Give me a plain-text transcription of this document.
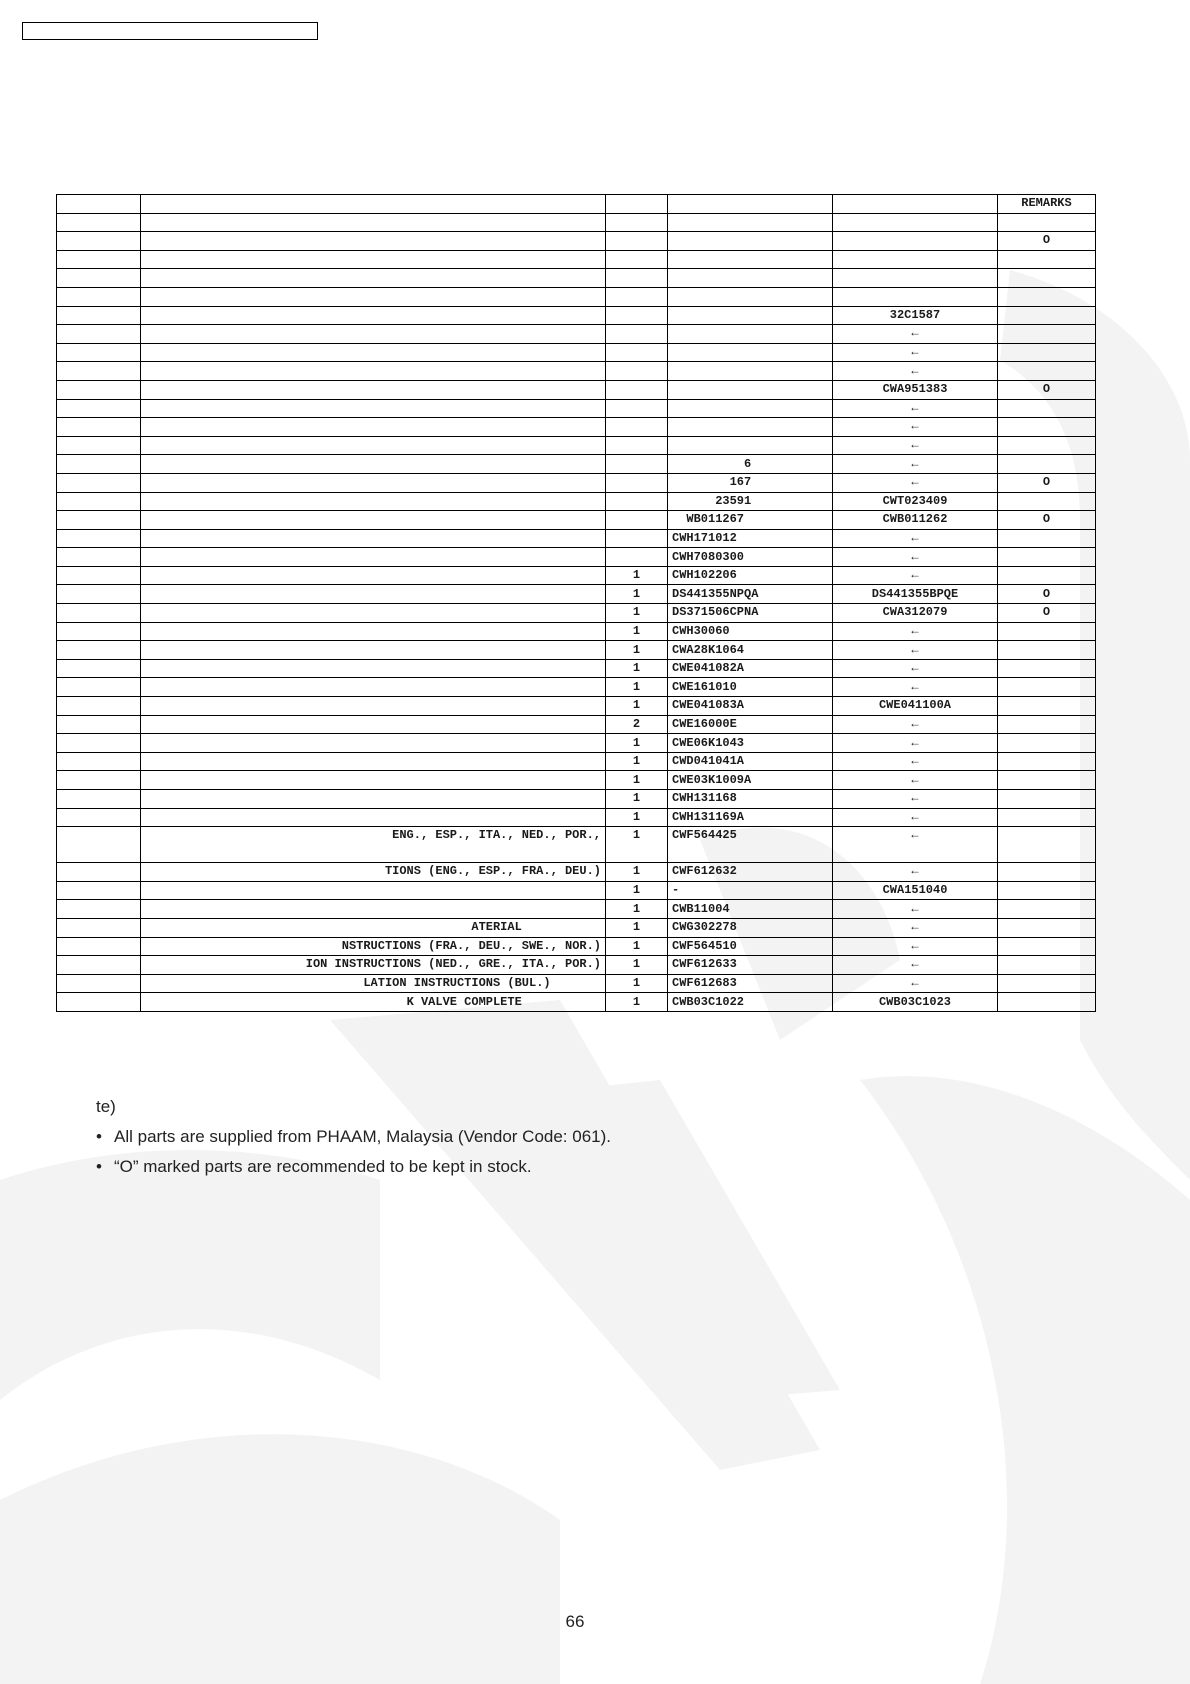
					REMARKS

					O

				32C1587	
				←	
				←	
				←	
				CWA951383	O
				←	
				←	
				←	
			6	←	
			167	←	O
			23591	CWT023409	
			WB011267	CWB011262	O
			CWH171012	←	
			CWH7080300	←	
		1	CWH102206	←	
		1	DS441355NPQA	DS441355BPQE	O
		1	DS371506CPNA	CWA312079	O
		1	CWH30060	←	
		1	CWA28K1064	←	
		1	CWE041082A	←	
		1	CWE161010	←	
		1	CWE041083A	CWE041100A	
		2	CWE16000E	←	
		1	CWE06K1043	←	
		1	CWD041041A	←	
		1	CWE03K1009A	←	
		1	CWH131168	←	
		1	CWH131169A	←	
	ENG., ESP., ITA., NED., POR.,	1	CWF564425	←	
	TIONS (ENG., ESP., FRA., DEU.)	1	CWF612632	←	
		1	-	CWA151040	
		1	CWB11004	←	
	ATERIAL	1	CWG302278	←	
	NSTRUCTIONS (FRA., DEU., SWE., NOR.)	1	CWF564510	←	
	ION INSTRUCTIONS (NED., GRE., ITA., POR.)	1	CWF612633	←	
	LATION INSTRUCTIONS (BUL.)	1	CWF612683	←	
	K VALVE COMPLETE	1	CWB03C1022	CWB03C1023	
te)
• All parts are supplied from PHAAM, Malaysia (Vendor Code: 061).
• “O” marked parts are recommended to be kept in stock.
66
